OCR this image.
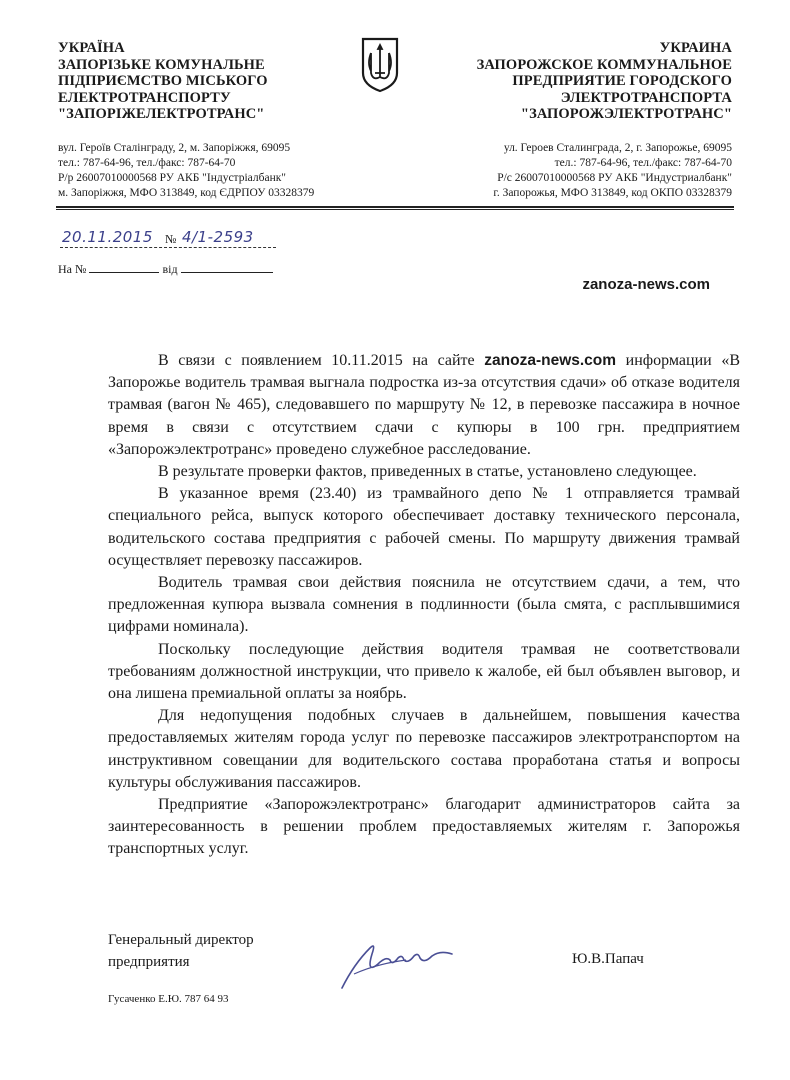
УКРАЇНА
ЗАПОРІЗЬКЕ КОМУНАЛЬНЕ
ПІДПРИЄМСТВО МІСЬКОГО
ЕЛЕКТРОТРАНСПОРТУ
"ЗАПОРІЖЕЛЕКТРОТРАНС"
УКРАИНА
ЗАПОРОЖСКОЕ КОММУНАЛЬНОЕ
ПРЕДПРИЯТИЕ ГОРОДСКОГО
ЭЛЕКТРОТРАНСПОРТА
"ЗАПОРОЖЭЛЕКТРОТРАНС"
вул. Героїв Сталінграду, 2, м. Запоріжжя, 69095
тел.: 787-64-96, тел./факс: 787-64-70
Р/р 26007010000568 РУ АКБ "Індустріалбанк"
м. Запоріжжя, МФО 313849, код ЄДРПОУ 03328379
ул. Героев Сталинграда, 2, г. Запорожье, 69095
тел.: 787-64-96, тел./факс: 787-64-70
Р/с 26007010000568 РУ АКБ "Индустриалбанк"
г. Запорожья, МФО 313849, код ОКПО 03328379
20.11.2015 № 4/1-2593
На №	від
zanoza-news.com

В связи с появлением 10.11.2015 на сайте zanoza-news.com информации «В Запорожье водитель трамвая выгнала подростка из-за отсутствия сдачи» об отказе водителя трамвая (вагон № 465), следовавшего по маршруту № 12, в перевозке пассажира в ночное время в связи с отсутствием сдачи с купюры в 100 грн. предприятием «Запорожэлектротранс» проведено служебное расследование.

В результате проверки фактов, приведенных в статье, установлено следующее.

В указанное время (23.40) из трамвайного депо № 1 отправляется трамвай специального рейса, выпуск которого обеспечивает доставку технического персонала, водительского состава предприятия с рабочей смены. По маршруту движения трамвай осуществляет перевозку пассажиров.

Водитель трамвая свои действия пояснила не отсутствием сдачи, а тем, что предложенная купюра вызвала сомнения в подлинности (была смята, с расплывшимися цифрами номинала).

Поскольку последующие действия водителя трамвая не соответствовали требованиям должностной инструкции, что привело к жалобе, ей был объявлен выговор, и она лишена премиальной оплаты за ноябрь.

Для недопущения подобных случаев в дальнейшем, повышения качества предоставляемых жителям города услуг по перевозке пассажиров электротранспортом на инструктивном совещании для водительского состава проработана статья и вопросы культуры обслуживания пассажиров.

Предприятие «Запорожэлектротранс» благодарит администраторов сайта за заинтересованность в решении проблем предоставляемых жителям г. Запорожья транспортных услуг.

Генеральный директор
предприятия	Ю.В.Папач
Гусаченко Е.Ю. 787 64 93
